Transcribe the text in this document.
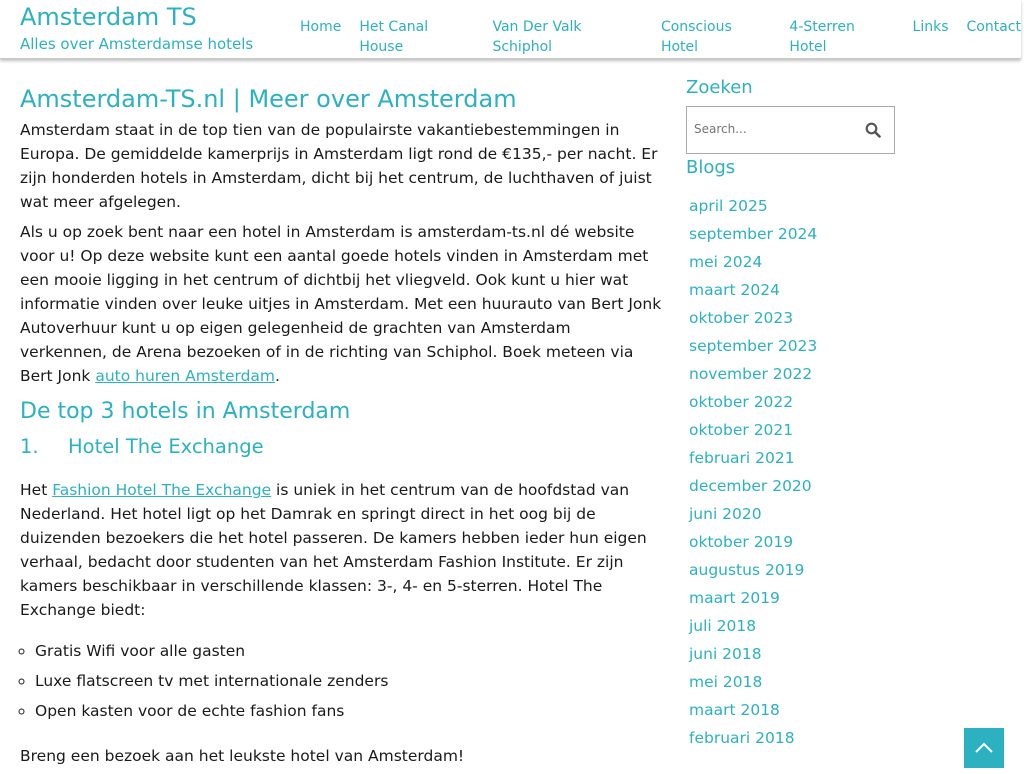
Amsterdam TS
Alles over Amsterdamse hotels
Home Het Canal House
Van Der Valk Schiphol
Conscious Hotel
4-Sterren Hotel
Links Contact
Amsterdam-TS.nl | Meer over Amsterdam

Amsterdam staat in de top tien van de populairste vakantiebestemmingen in Europa. De gemiddelde kamerprijs in Amsterdam ligt rond de €135,- per nacht. Er zijn honderden hotels in Amsterdam, dicht bij het centrum, de luchthaven of juist wat meer afgelegen.

Als u op zoek bent naar een hotel in Amsterdam is amsterdam-ts.nl dé website voor u! Op deze website kunt een aantal goede hotels vinden in Amsterdam met een mooie ligging in het centrum of dichtbij het vliegveld. Ook kunt u hier wat informatie vinden over leuke uitjes in Amsterdam. Met een huurauto van Bert Jonk Autoverhuur kunt u op eigen gelegenheid de grachten van Amsterdam verkennen, de Arena bezoeken of in de richting van Schiphol. Boek meteen via Bert Jonk auto huren Amsterdam.

De top 3 hotels in Amsterdam
1. Hotel The Exchange

Het Fashion Hotel The Exchange is uniek in het centrum van de hoofdstad van Nederland. Het hotel ligt op het Damrak en springt direct in het oog bij de duizenden bezoekers die het hotel passeren. De kamers hebben ieder hun eigen verhaal, bedacht door studenten van het Amsterdam Fashion Institute. Er zijn kamers beschikbaar in verschillende klassen: 3-, 4- en 5-sterren. Hotel The Exchange biedt:

◦ Gratis Wifi voor alle gasten
◦ Luxe flatscreen tv met internationale zenders
◦ Open kasten voor de echte fashion fans

Breng een bezoek aan het leukste hotel van Amsterdam!

Zoeken
Search...
Blogs
april 2025
september 2024
mei 2024
maart 2024
oktober 2023
september 2023
november 2022
oktober 2022
oktober 2021
februari 2021
december 2020
juni 2020
oktober 2019
augustus 2019
maart 2019
juli 2018
juni 2018
mei 2018
maart 2018
februari 2018
